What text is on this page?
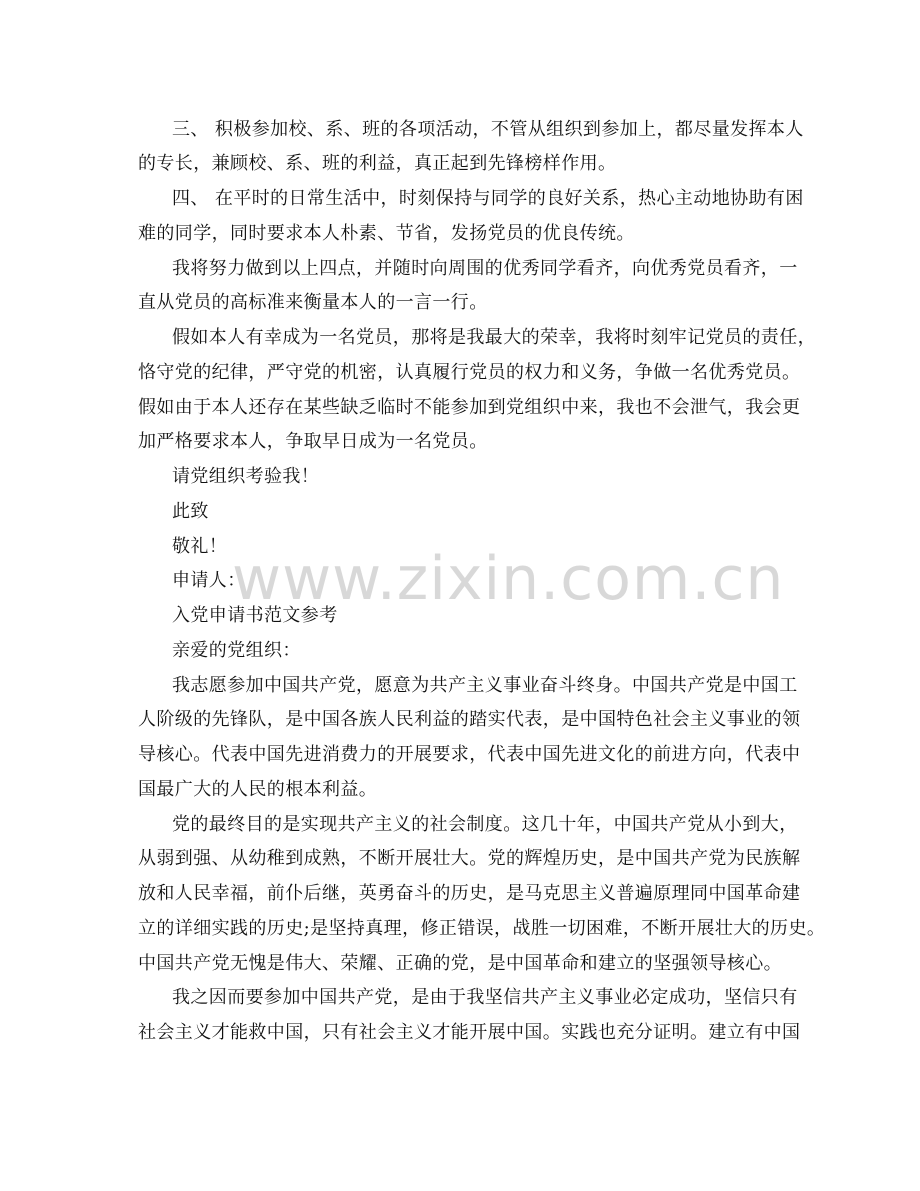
三、 积极参加校、系、班的各项活动，不管从组织到参加上，都尽量发挥本人
的专长，兼顾校、系、班的利益，真正起到先锋榜样作用。
四、 在平时的日常生活中，时刻保持与同学的良好关系，热心主动地协助有困
难的同学，同时要求本人朴素、节省，发扬党员的优良传统。
我将努力做到以上四点，并随时向周围的优秀同学看齐，向优秀党员看齐，一
直从党员的高标准来衡量本人的一言一行。
假如本人有幸成为一名党员，那将是我最大的荣幸，我将时刻牢记党员的责任，
恪守党的纪律，严守党的机密，认真履行党员的权力和义务，争做一名优秀党员。
假如由于本人还存在某些缺乏临时不能参加到党组织中来，我也不会泄气，我会更
加严格要求本人，争取早日成为一名党员。
请党组织考验我！
此致
敬礼！
申请人：
入党申请书范文参考
亲爱的党组织：
我志愿参加中国共产党，愿意为共产主义事业奋斗终身。中国共产党是中国工
人阶级的先锋队，是中国各族人民利益的踏实代表，是中国特色社会主义事业的领
导核心。代表中国先进消费力的开展要求，代表中国先进文化的前进方向，代表中
国最广大的人民的根本利益。
党的最终目的是实现共产主义的社会制度。这几十年，中国共产党从小到大，
从弱到强、从幼稚到成熟，不断开展壮大。党的辉煌历史，是中国共产党为民族解
放和人民幸福，前仆后继，英勇奋斗的历史，是马克思主义普遍原理同中国革命建
立的详细实践的历史;是坚持真理，修正错误，战胜一切困难，不断开展壮大的历史。
中国共产党无愧是伟大、荣耀、正确的党，是中国革命和建立的坚强领导核心。
我之因而要参加中国共产党，是由于我坚信共产主义事业必定成功，坚信只有
社会主义才能救中国，只有社会主义才能开展中国。实践也充分证明。建立有中国
www.zixin.com.cn
